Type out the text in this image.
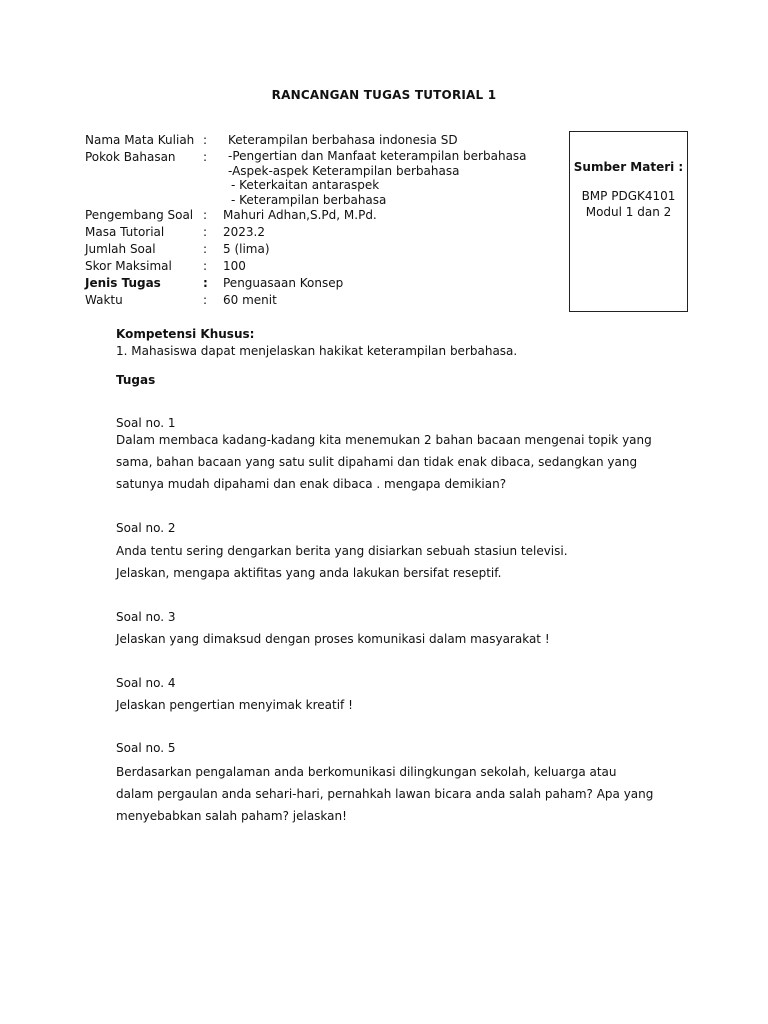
RANCANGAN TUGAS TUTORIAL 1
Nama Mata Kuliah :	Keterampilan berbahasa indonesia SD
Pokok Bahasan	:	-Pengertian dan Manfaat keterampilan berbahasa
-Aspek-aspek Keterampilan berbahasa
- Keterkaitan antaraspek
- Keterampilan berbahasa
Pengembang Soal :	Mahuri Adhan,S.Pd, M.Pd.
Masa Tutorial	:	2023.2
Jumlah Soal	:	5 (lima)
Skor Maksimal	:	100
Jenis Tugas	:	Penguasaan Konsep
Waktu	:	60 menit
Sumber Materi :
BMP PDGK4101
Modul 1 dan 2
Kompetensi Khusus:
1. Mahasiswa dapat menjelaskan hakikat keterampilan berbahasa.
Tugas
Soal no. 1
Dalam membaca kadang-kadang kita menemukan 2 bahan bacaan mengenai topik yang sama, bahan bacaan yang satu sulit dipahami dan tidak enak dibaca, sedangkan yang satunya mudah dipahami dan enak dibaca . mengapa demikian?
Soal no. 2
Anda tentu sering dengarkan berita yang disiarkan sebuah stasiun televisi.
Jelaskan, mengapa aktifitas yang anda lakukan bersifat reseptif.
Soal no. 3
Jelaskan yang dimaksud dengan proses komunikasi dalam masyarakat !
Soal no. 4
Jelaskan pengertian menyimak kreatif !
Soal no. 5
Berdasarkan pengalaman anda berkomunikasi dilingkungan sekolah, keluarga atau dalam pergaulan anda sehari-hari, pernahkah lawan bicara anda salah paham? Apa yang menyebabkan salah paham? jelaskan!
